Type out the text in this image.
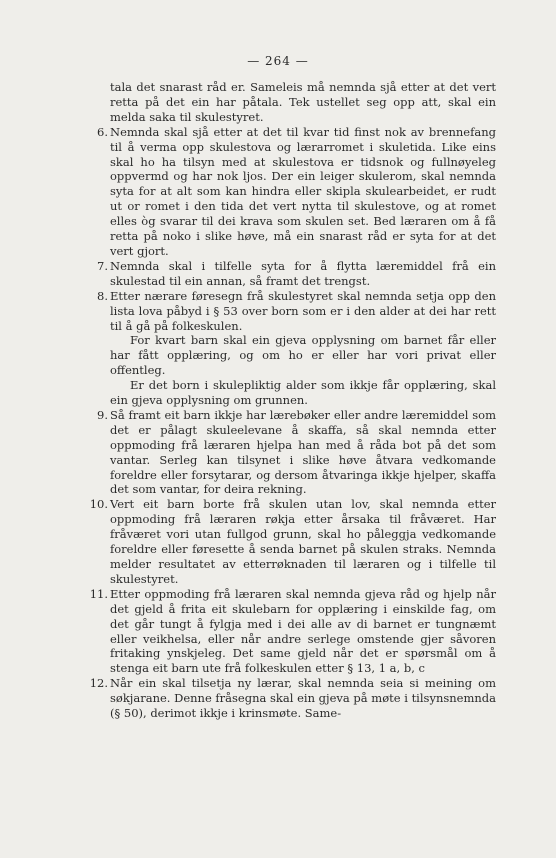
— 264 —

tala det snarast råd er. Sameleis må nemnda sjå etter at det vert retta på det ein har påtala. Tek ustellet seg opp att, skal ein melda saka til skulestyret.

6. Nemnda skal sjå etter at det til kvar tid finst nok av brennefang til å verma opp skulestova og lærarromet i skuletida. Like eins skal ho ha tilsyn med at skulestova er tidsnok og fullnøyeleg oppvermd og har nok ljos. Der ein leiger skulerom, skal nemnda syta for at alt som kan hindra eller skipla skulearbeidet, er rudt ut or romet i den tida det vert nytta til skulestove, og at romet elles òg svarar til dei krava som skulen set. Bed læraren om å få retta på noko i slike høve, må ein snarast råd er syta for at det vert gjort.

7. Nemnda skal i tilfelle syta for å flytta læremiddel frå ein skulestad til ein annan, så framt det trengst.

8. Etter nærare føresegn frå skulestyret skal nemnda setja opp den lista lova påbyd i § 53 over born som er i den alder at dei har rett til å gå på folkeskulen.

For kvart barn skal ein gjeva opplysning om barnet får eller har fått opplæring, og om ho er eller har vori privat eller offentleg.

Er det born i skulepliktig alder som ikkje får opplæring, skal ein gjeva opplysning om grunnen.

9. Så framt eit barn ikkje har lærebøker eller andre læremiddel som det er pålagt skuleelevane å skaffa, så skal nemnda etter oppmoding frå læraren hjelpa han med å råda bot på det som vantar. Serleg kan tilsynet i slike høve åtvara vedkomande foreldre eller forsytarar, og dersom åtvaringa ikkje hjelper, skaffa det som vantar, for deira rekning.

10. Vert eit barn borte frå skulen utan lov, skal nemnda etter oppmoding frå læraren røkja etter årsaka til fråværet. Har fråværet vori utan fullgod grunn, skal ho påleggja vedkomande foreldre eller føresette å senda barnet på skulen straks. Nemnda melder resultatet av etterrøknaden til læraren og i tilfelle til skulestyret.

11. Etter oppmoding frå læraren skal nemnda gjeva råd og hjelp når det gjeld å frita eit skulebarn for opplæring i einskilde fag, om det går tungt å fylgja med i dei alle av di barnet er tungnæmt eller veikhelsa, eller når andre serlege omstende gjer såvoren fritaking ynskjeleg. Det same gjeld når det er spørsmål om å stenga eit barn ute frå folkeskulen etter § 13, 1 a, b, c

12. Når ein skal tilsetja ny lærar, skal nemnda seia si meining om søkjarane. Denne fråsegna skal ein gjeva på møte i tilsynsnemnda (§ 50), derimot ikkje i krinsmøte. Same-
